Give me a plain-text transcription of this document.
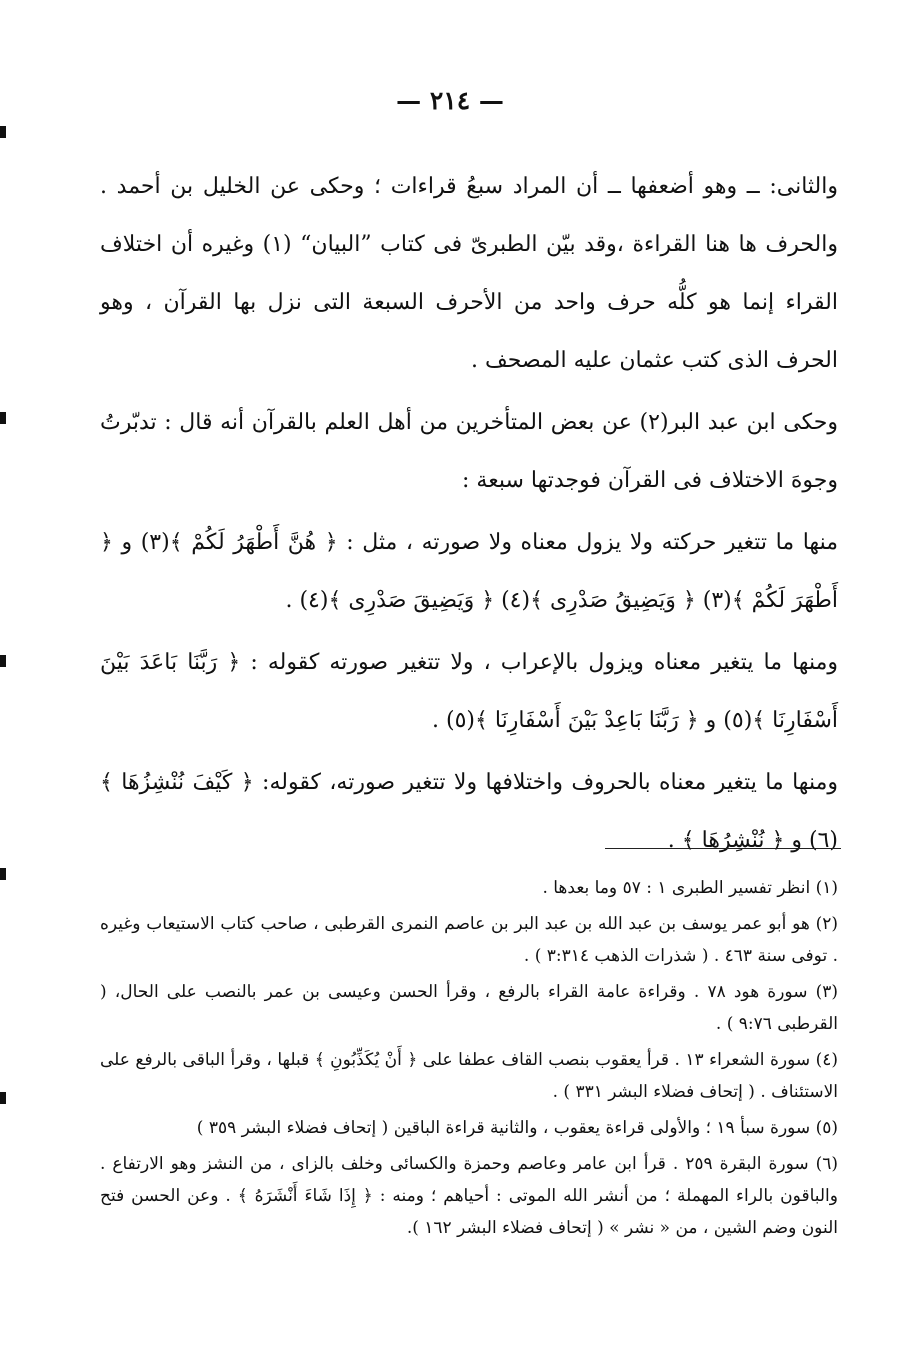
— ٢١٤ —

والثانى: ــ وهو أضعفها ــ أن المراد سبعُ قراءات ؛ وحكى عن الخليل بن أحمد . والحرف ها هنا القراءة ،وقد بيّن الطبرىّ فى كتاب ”البيان“ (١) وغيره أن اختلاف القراء إنما هو كلُّه حرف واحد من الأحرف السبعة التى نزل بها القرآن ، وهو الحرف الذى كتب عثمان عليه المصحف .

وحكى ابن عبد البر(٢) عن بعض المتأخرين من أهل العلم بالقرآن أنه قال : تدبّرتُ وجوهَ الاختلاف فى القرآن فوجدتها سبعة :

منها ما تتغير حركته ولا يزول معناه ولا صورته ، مثل : ﴿ هُنَّ أَطْهَرُ لَكُمْ ﴾(٣) و ﴿ أَطْهَرَ لَكُمْ ﴾(٣) ﴿ وَيَضِيقُ صَدْرِى ﴾(٤) ﴿ وَيَضِيقَ صَدْرِى ﴾(٤) .

ومنها ما يتغير معناه ويزول بالإعراب ، ولا تتغير صورته كقوله : ﴿ رَبَّنَا بَاعَدَ بَيْنَ أَسْفَارِنَا ﴾(٥) و ﴿ رَبَّنَا بَاعِدْ بَيْنَ أَسْفَارِنَا ﴾(٥) .

ومنها ما يتغير معناه بالحروف واختلافها ولا تتغير صورته، كقوله: ﴿ كَيْفَ نُنْشِزُهَا ﴾(٦) و ﴿ نُنْشِرُهَا ﴾ .

(١) انظر تفسير الطبرى ١ : ٥٧ وما بعدها .

(٢) هو أبو عمر يوسف بن عبد الله بن عبد البر بن عاصم النمرى القرطبى ، صاحب كتاب الاستيعاب وغيره . توفى سنة ٤٦٣ . ( شذرات الذهب ٣:٣١٤ ) .

(٣) سورة هود ٧٨ . وقراءة عامة القراء بالرفع ، وقرأ الحسن وعيسى بن عمر بالنصب على الحال، ( القرطبى ٩:٧٦ ) .

(٤) سورة الشعراء ١٣ . قرأ يعقوب بنصب القاف عطفا على ﴿ أَنْ يُكَذِّبُونِ ﴾ قبلها ، وقرأ الباقى بالرفع على الاستئناف . ( إتحاف فضلاء البشر ٣٣١ ) .

(٥) سورة سبأ ١٩ ؛ والأولى قراءة يعقوب ، والثانية قراءة الباقين ( إتحاف فضلاء البشر ٣٥٩ )

(٦) سورة البقرة ٢٥٩ . قرأ ابن عامر وعاصم وحمزة والكسائى وخلف بالزاى ، من النشز وهو الارتفاع . والباقون بالراء المهملة ؛ من أنشر الله الموتى : أحياهم ؛ ومنه : ﴿ إِذَا شَاءَ أَنْشَرَهُ ﴾ . وعن الحسن فتح النون وضم الشين ، من « نشر » ( إتحاف فضلاء البشر ١٦٢ ).
